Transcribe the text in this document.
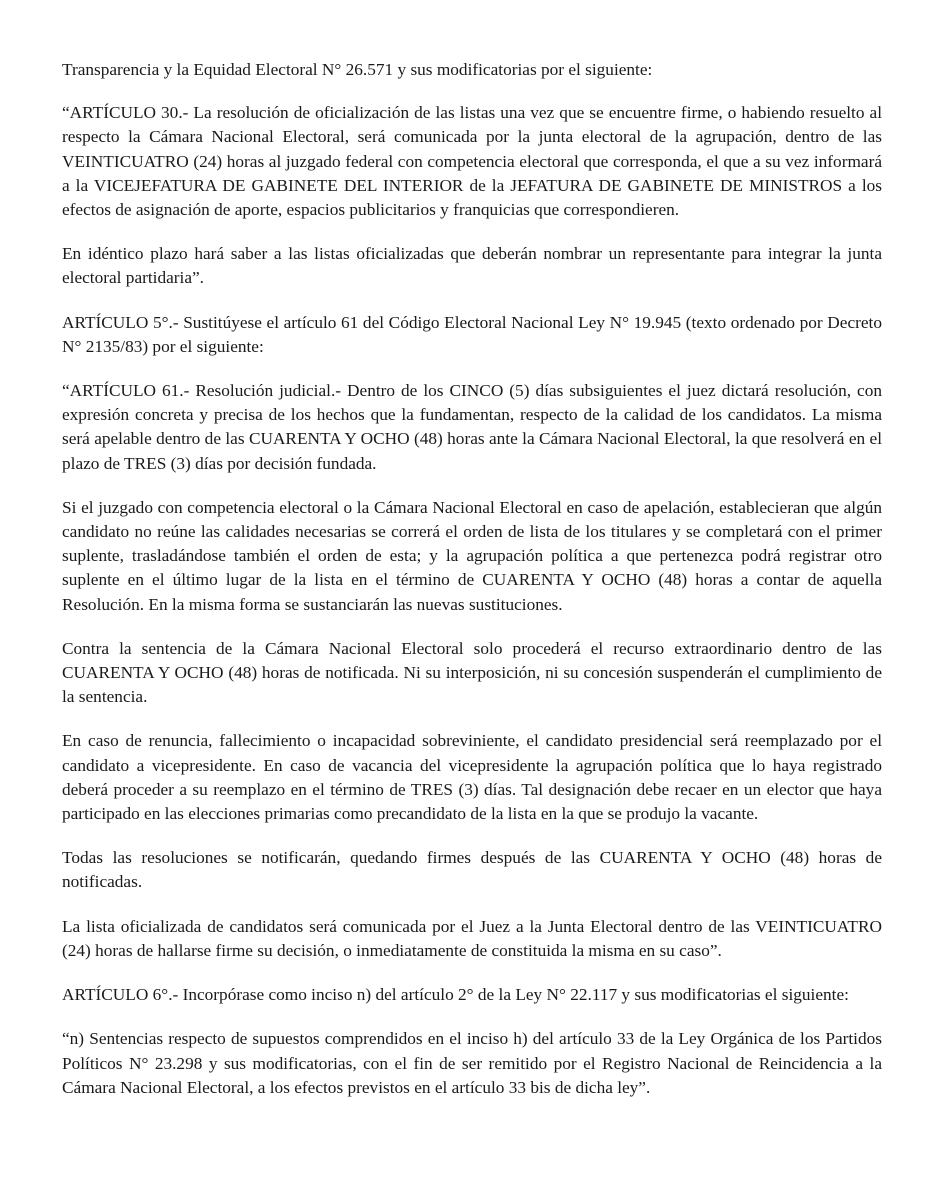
Transparencia y la Equidad Electoral N° 26.571 y sus modificatorias por el siguiente:

“ARTÍCULO 30.- La resolución de oficialización de las listas una vez que se encuentre firme, o habiendo resuelto al respecto la Cámara Nacional Electoral, será comunicada por la junta electoral de la agrupación, dentro de las VEINTICUATRO (24) horas al juzgado federal con competencia electoral que corresponda, el que a su vez informará a la VICEJEFATURA DE GABINETE DEL INTERIOR de la JEFATURA DE GABINETE DE MINISTROS a los efectos de asignación de aporte, espacios publicitarios y franquicias que correspondieren.

En idéntico plazo hará saber a las listas oficializadas que deberán nombrar un representante para integrar la junta electoral partidaria”.

ARTÍCULO 5°.- Sustitúyese el artículo 61 del Código Electoral Nacional Ley N° 19.945 (texto ordenado por Decreto N° 2135/83) por el siguiente:

“ARTÍCULO 61.- Resolución judicial.- Dentro de los CINCO (5) días subsiguientes el juez dictará resolución, con expresión concreta y precisa de los hechos que la fundamentan, respecto de la calidad de los candidatos. La misma será apelable dentro de las CUARENTA Y OCHO (48) horas ante la Cámara Nacional Electoral, la que resolverá en el plazo de TRES (3) días por decisión fundada.

Si el juzgado con competencia electoral o la Cámara Nacional Electoral en caso de apelación, establecieran que algún candidato no reúne las calidades necesarias se correrá el orden de lista de los titulares y se completará con el primer suplente, trasladándose también el orden de esta; y la agrupación política a que pertenezca podrá registrar otro suplente en el último lugar de la lista en el término de CUARENTA Y OCHO (48) horas a contar de aquella Resolución. En la misma forma se sustanciarán las nuevas sustituciones.

Contra la sentencia de la Cámara Nacional Electoral solo procederá el recurso extraordinario dentro de las CUARENTA Y OCHO (48) horas de notificada. Ni su interposición, ni su concesión suspenderán el cumplimiento de la sentencia.

En caso de renuncia, fallecimiento o incapacidad sobreviniente, el candidato presidencial será reemplazado por el candidato a vicepresidente. En caso de vacancia del vicepresidente la agrupación política que lo haya registrado deberá proceder a su reemplazo en el término de TRES (3) días. Tal designación debe recaer en un elector que haya participado en las elecciones primarias como precandidato de la lista en la que se produjo la vacante.

Todas las resoluciones se notificarán, quedando firmes después de las CUARENTA Y OCHO (48) horas de notificadas.

La lista oficializada de candidatos será comunicada por el Juez a la Junta Electoral dentro de las VEINTICUATRO (24) horas de hallarse firme su decisión, o inmediatamente de constituida la misma en su caso”.

ARTÍCULO 6°.- Incorpórase como inciso n) del artículo 2° de la Ley N° 22.117 y sus modificatorias el siguiente:

“n) Sentencias respecto de supuestos comprendidos en el inciso h) del artículo 33 de la Ley Orgánica de los Partidos Políticos N° 23.298 y sus modificatorias, con el fin de ser remitido por el Registro Nacional de Reincidencia a la Cámara Nacional Electoral, a los efectos previstos en el artículo 33 bis de dicha ley”.
